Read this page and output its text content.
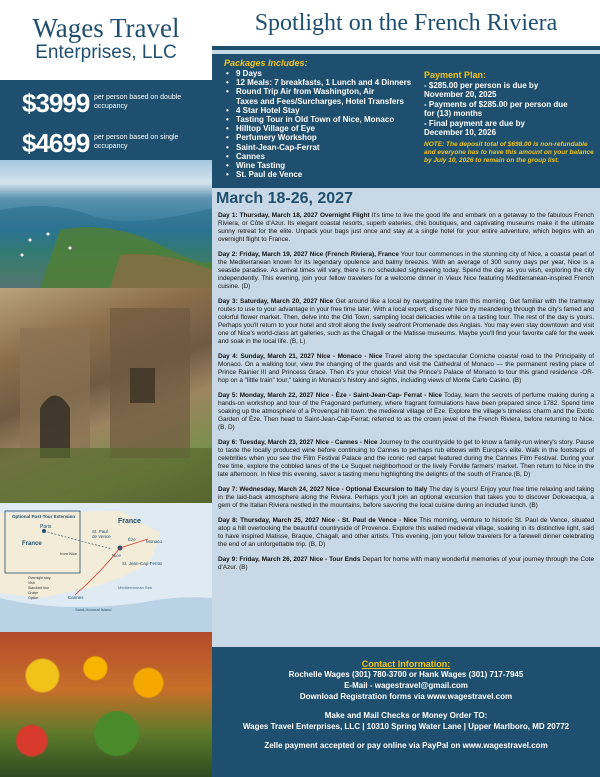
Wages Travel
Enterprises, LLC
$3999 per person based on double occupancy
$4699 per person based on single occupancy
Optional Post-Tour Extension
Paris
France
from Nice
France
St. Paul
de Vence
Nice
Èze Monaco
St. Jean-Cap-Ferrat
Cannes
Mediterranean Sea
Saint-Honorat Island
Overnight stay
Visit
Standard tour
Cruise
Option
Spotlight on the French Riviera
Packages Includes:
• 9 Days
• 12 Meals: 7 breakfasts, 1 Lunch and 4 Dinners
• Round Trip Air from Washington, Air
Taxes and Fees/Surcharges, Hotel Transfers
• 4 Star Hotel Stay
• Tasting Tour in Old Town of Nice, Monaco
• Hilltop Village of Eye
• Perfumery Workshop
• Saint-Jean-Cap-Ferrat
• Cannes
• Wine Tasting
• St. Paul de Vence
Payment Plan:
- $285.00 per person is due by
November 20, 2025
- Payments of $285.00 per person due
for (13) months
- Final payment are due by
December 10, 2026
NOTE: The deposit total of $698.00 is non-refundable and everyone has to have this amount on your balance by July 10, 2026 to remain on the group list.
March 18-26, 2027

Day 1: Thursday, March 18, 2027 Overnight Flight It's time to live the good life and embark on a getaway to the fabulous French Riviera, or Côte d'Azur. Its elegant coastal resorts, superb eateries, chic boutiques, and captivating museums make it the ultimate sunny retreat for the elite. Unpack your bags just once and stay at a single hotel for your entire adventure, which begins with an overnight flight to France.

Day 2: Friday, March 19, 2027 Nice (French Riviera), France Your tour commences in the stunning city of Nice, a coastal pearl of the Mediterranean known for its legendary opulence and balmy breezes. With an average of 300 sunny days per year, Nice is a seaside paradise. As arrival times will vary, there is no scheduled sightseeing today. Spend the day as you wish, exploring the city independently. This evening, join your fellow travelers for a welcome dinner in Vieux Nice featuring Mediterranean-inspired French cuisine. (D)

Day 3: Saturday, March 20, 2027 Nice Get around like a local by navigating the tram this morning. Get familiar with the tramway routes to use to your advantage in your free time later. With a local expert, discover Nice by meandering through the city's famed and colorful flower market. Then, delve into the Old Town, sampling local delicacies while on a tasting tour. The rest of the day is yours. Perhaps you'll return to your hotel and stroll along the lively seafront Promenade des Anglais. You may even stay downtown and visit one of Nice's world-class art galleries, such as the Chagall or the Matisse museums. Maybe you'll find your favorite café for the week and soak in the local life. (B, L)

Day 4: Sunday, March 21, 2027 Nice - Monaco - Nice Travel along the spectacular Corniche coastal road to the Principality of Monaco. On a walking tour, view the changing of the guards and visit the Cathedral of Monaco — the permanent resting place of Prince Rainier III and Princess Grace. Then it's your choice! Visit the Prince's Palace of Monaco to tour this grand residence -OR- hop on a "little train" tour," taking in Monaco's history and sights, including views of Monte Carlo Casino. (B)

Day 5: Monday, March 22, 2027 Nice - Èze - Saint-Jean-Cap- Ferrat - Nice Today, learn the secrets of perfume making during a hands-on workshop and tour of the Fragonard perfumery, where fragrant formulations have been prepared since 1782. Spend time soaking up the atmosphere of a Provençal hill town: the medieval village of Èze. Explore the village's timeless charm and the Exotic Garden of Èze. Then head to Saint-Jean-Cap-Ferrat, referred to as the crown jewel of the French Riviera, before returning to Nice. (B, D)

Day 6: Tuesday, March 23, 2027 Nice - Cannes - Nice Journey to the countryside to get to know a family-run winery's story. Pause to taste the locally produced wine before continuing to Cannes to perhaps rub elbows with Europe's elite. Walk in the footsteps of celebrities when you see the Film Festival Palace and the iconic red carpet featured during the Cannes Film Festival. During your free time, explore the cobbled lanes of the Le Suquet neighborhood or the lively Forville farmers' market. Then return to Nice in the late afternoon. In Nice this evening, savor a tasting menu highlighting the delights of the south of France.(B, D)

Day 7: Wednesday, March 24, 2027 Nice - Optional Excursion to Italy The day is yours! Enjoy your free time relaxing and taking in the laid-back atmosphere along the Riviera. Perhaps you'll join an optional excursion that takes you to discover Dolceacqua, a gem of the Italian Riviera nestled in the mountains, before savoring the local cuisine during an included lunch. (B)

Day 8: Thursday, March 25, 2027 Nice - St. Paul de Vence - Nice This morning, venture to historic St. Paul de Vence, situated atop a hill overlooking the beautiful countryside of Provence. Explore this walled medieval village, soaking in its distinctive light, said to have inspired Matisse, Braque, Chagall, and other artists. This evening, join your fellow travelers for a farewell dinner celebrating the end of an unforgettable trip. (B, D)

Day 9: Friday, March 26, 2027 Nice - Tour Ends Depart for home with many wonderful memories of your journey through the Cote d'Azur. (B)

Contact Information:
Rochelle Wages (301) 780-3700 or Hank Wages (301) 717-7945
E-Mail - wagestravel@gmail.com
Download Registration forms via www.wagestravel.com
Make and Mail Checks or Money Order TO:
Wages Travel Enterprises, LLC | 10310 Spring Water Lane | Upper Marlboro, MD 20772
Zelle payment accepted or pay online via PayPal on www.wagestravel.com
